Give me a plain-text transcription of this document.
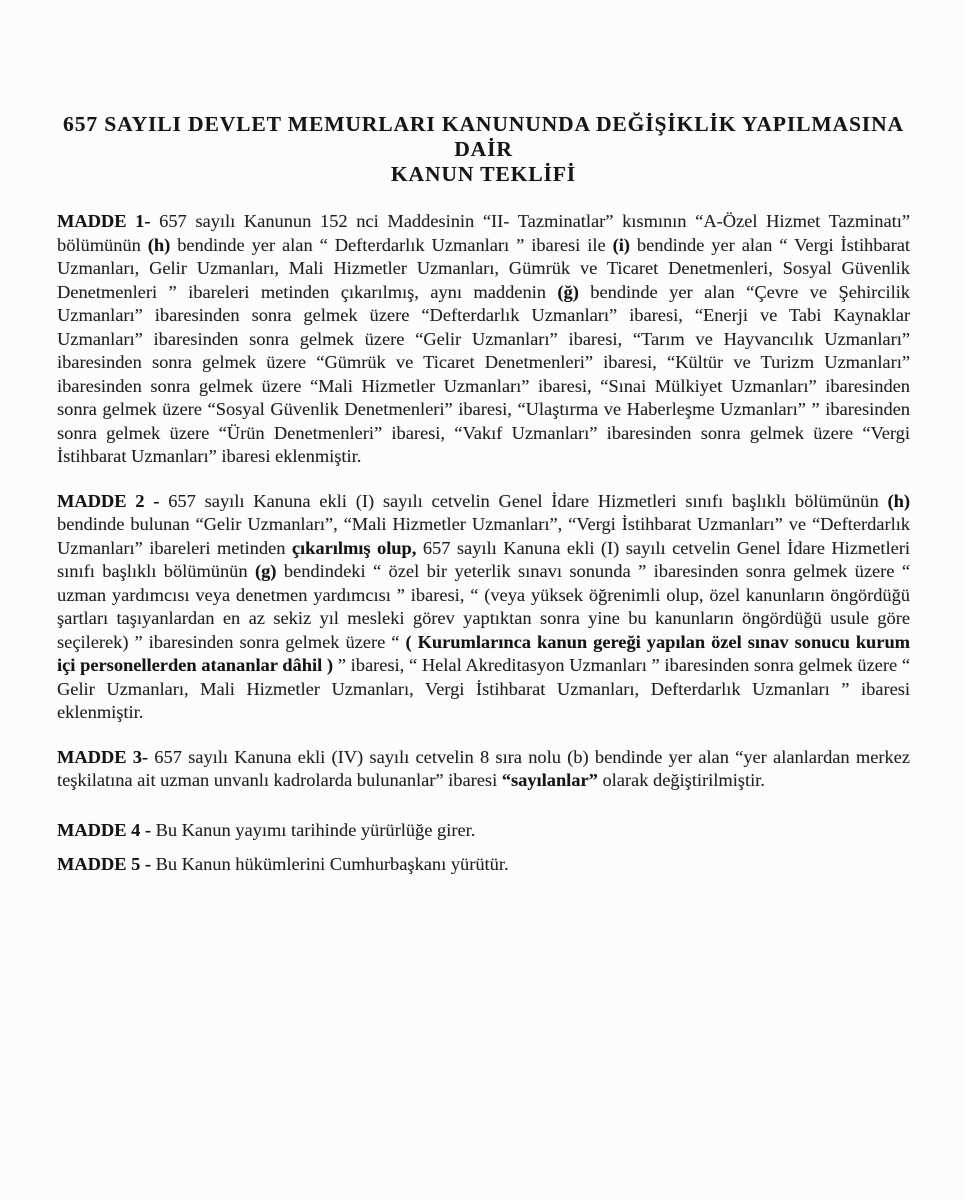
657 SAYILI DEVLET MEMURLARI KANUNUNDA DEĞİŞİKLİK YAPILMASINA DAİR
KANUN TEKLİFİ

MADDE 1- 657 sayılı Kanunun 152 nci Maddesinin “II- Tazminatlar” kısmının “A-Özel Hizmet Tazminatı” bölümünün (h) bendinde yer alan “ Defterdarlık Uzmanları ” ibaresi ile (i) bendinde yer alan “ Vergi İstihbarat Uzmanları, Gelir Uzmanları, Mali Hizmetler Uzmanları, Gümrük ve Ticaret Denetmenleri, Sosyal Güvenlik Denetmenleri ” ibareleri metinden çıkarılmış, aynı maddenin (ğ) bendinde yer alan “Çevre ve Şehircilik Uzmanları” ibaresinden sonra gelmek üzere “Defterdarlık Uzmanları” ibaresi, “Enerji ve Tabi Kaynaklar Uzmanları” ibaresinden sonra gelmek üzere “Gelir Uzmanları” ibaresi, “Tarım ve Hayvancılık Uzmanları” ibaresinden sonra gelmek üzere “Gümrük ve Ticaret Denetmenleri” ibaresi, “Kültür ve Turizm Uzmanları” ibaresinden sonra gelmek üzere “Mali Hizmetler Uzmanları” ibaresi, “Sınai Mülkiyet Uzmanları” ibaresinden sonra gelmek üzere “Sosyal Güvenlik Denetmenleri” ibaresi, “Ulaştırma ve Haberleşme Uzmanları” ” ibaresinden sonra gelmek üzere “Ürün Denetmenleri” ibaresi, “Vakıf Uzmanları” ibaresinden sonra gelmek üzere “Vergi İstihbarat Uzmanları” ibaresi eklenmiştir.

MADDE 2 - 657 sayılı Kanuna ekli (I) sayılı cetvelin Genel İdare Hizmetleri sınıfı başlıklı bölümünün (h) bendinde bulunan “Gelir Uzmanları”, “Mali Hizmetler Uzmanları”, “Vergi İstihbarat Uzmanları” ve “Defterdarlık Uzmanları” ibareleri metinden çıkarılmış olup, 657 sayılı Kanuna ekli (I) sayılı cetvelin Genel İdare Hizmetleri sınıfı başlıklı bölümünün (g) bendindeki “ özel bir yeterlik sınavı sonunda ” ibaresinden sonra gelmek üzere “ uzman yardımcısı veya denetmen yardımcısı ” ibaresi, “ (veya yüksek öğrenimli olup, özel kanunların öngördüğü şartları taşıyanlardan en az sekiz yıl mesleki görev yaptıktan sonra yine bu kanunların öngördüğü usule göre seçilerek) ” ibaresinden sonra gelmek üzere “ ( Kurumlarınca kanun gereği yapılan özel sınav sonucu kurum içi personellerden atananlar dâhil ) ” ibaresi, “ Helal Akreditasyon Uzmanları ” ibaresinden sonra gelmek üzere “ Gelir Uzmanları, Mali Hizmetler Uzmanları, Vergi İstihbarat Uzmanları, Defterdarlık Uzmanları ” ibaresi eklenmiştir.

MADDE 3- 657 sayılı Kanuna ekli (IV) sayılı cetvelin 8 sıra nolu (b) bendinde yer alan “yer alanlardan merkez teşkilatına ait uzman unvanlı kadrolarda bulunanlar” ibaresi “sayılanlar” olarak değiştirilmiştir.

MADDE 4 - Bu Kanun yayımı tarihinde yürürlüğe girer.

MADDE 5 - Bu Kanun hükümlerini Cumhurbaşkanı yürütür.
